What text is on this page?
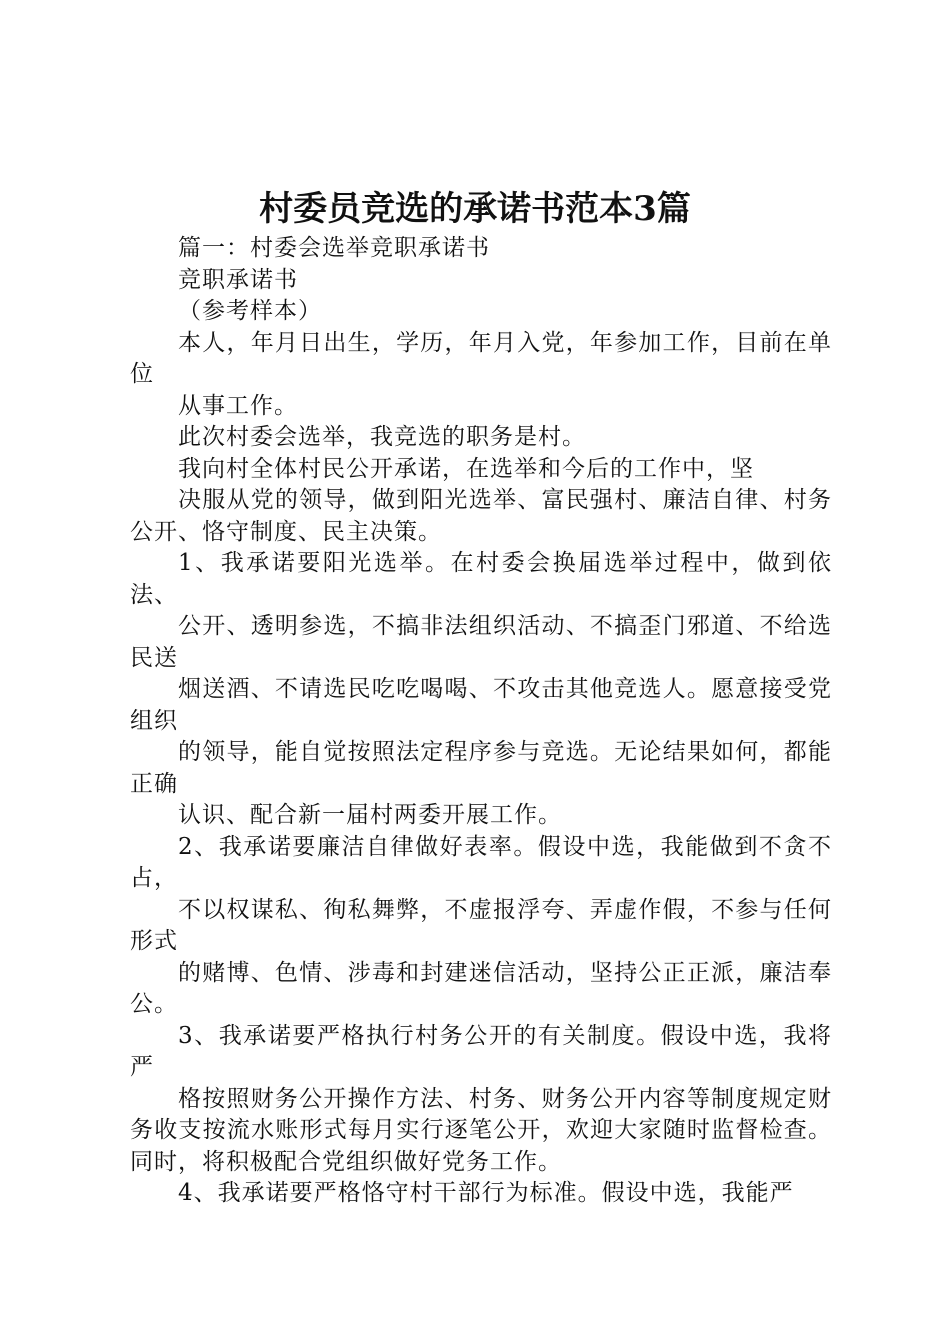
村委员竞选的承诺书范本3篇

篇一：村委会选举竞职承诺书

竞职承诺书

（参考样本）

本人，年月日出生，学历，年月入党，年参加工作，目前在单位

从事工作。

此次村委会选举，我竞选的职务是村。

我向村全体村民公开承诺，在选举和今后的工作中，坚

决服从党的领导，做到阳光选举、富民强村、廉洁自律、村务公开、恪守制度、民主决策。

1、我承诺要阳光选举。在村委会换届选举过程中，做到依法、

公开、透明参选，不搞非法组织活动、不搞歪门邪道、不给选民送

烟送酒、不请选民吃吃喝喝、不攻击其他竞选人。愿意接受党组织

的领导，能自觉按照法定程序参与竞选。无论结果如何，都能正确

认识、配合新一届村两委开展工作。

2、我承诺要廉洁自律做好表率。假设中选，我能做到不贪不占，

不以权谋私、徇私舞弊，不虚报浮夸、弄虚作假，不参与任何形式

的赌博、色情、涉毒和封建迷信活动，坚持公正正派，廉洁奉公。

3、我承诺要严格执行村务公开的有关制度。假设中选，我将严

格按照财务公开操作方法、村务、财务公开内容等制度规定财务收支按流水账形式每月实行逐笔公开，欢迎大家随时监督检查。同时，将积极配合党组织做好党务工作。

4、我承诺要严格恪守村干部行为标准。假设中选，我能严
